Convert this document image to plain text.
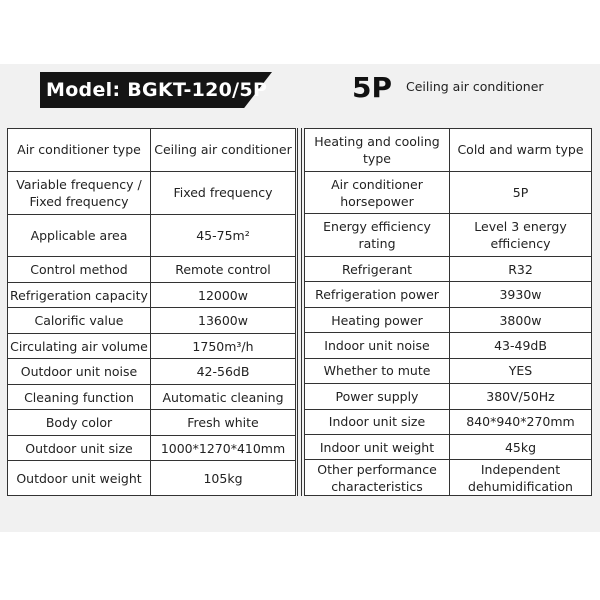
Model: BGKT-120/5P	5P Ceiling air conditioner
Air conditioner type	Ceiling air conditioner
Variable frequency / Fixed frequency	Fixed frequency
Applicable area	45-75m²
Control method	Remote control
Refrigeration capacity	12000w
Calorific value	13600w
Circulating air volume	1750m³/h
Outdoor unit noise	42-56dB
Cleaning function	Automatic cleaning
Body color	Fresh white
Outdoor unit size	1000*1270*410mm
Outdoor unit weight	105kg
Heating and cooling type	Cold and warm type
Air conditioner horsepower	5P
Energy efficiency rating	Level 3 energy efficiency
Refrigerant	R32
Refrigeration power	3930w
Heating power	3800w
Indoor unit noise	43-49dB
Whether to mute	YES
Power supply	380V/50Hz
Indoor unit size	840*940*270mm
Indoor unit weight	45kg
Other performance characteristics	Independent dehumidification
